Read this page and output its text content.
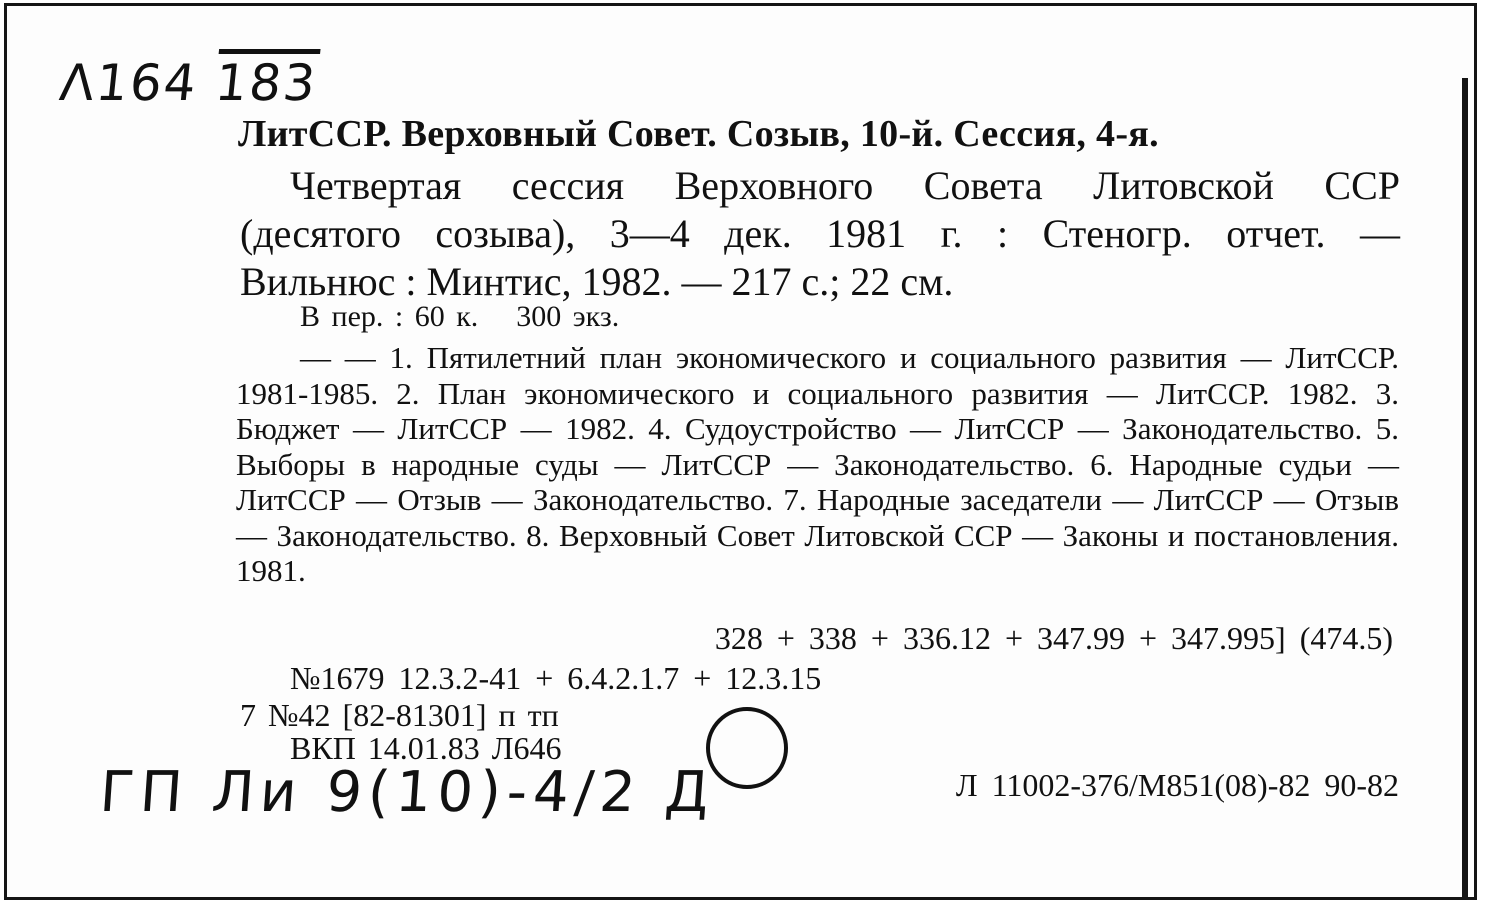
Λ164 183
ЛитССР. Верховный Совет. Созыв, 10-й. Сессия, 4-я.
Четвертая сессия Верховного Совета Литовской ССР
(десятого созыва), 3—4 дек. 1981 г. : Стеногр. отчет. —
Вильнюс : Минтис, 1982. — 217 с.; 22 см.
В пер. : 60 к. 300 экз.
— — 1. Пятилетний план экономического и социального развития — ЛитССР. 1981-1985. 2. План экономического и социального развития — ЛитССР. 1982. 3. Бюджет — ЛитССР — 1982. 4. Судоустройство — ЛитССР — Законодательство. 5. Выборы в народные суды — ЛитССР — Законодательство. 6. Народные судьи — ЛитССР — Отзыв — Законодательство. 7. Народные заседатели — ЛитССР — Отзыв — Законодательство. 8. Верховный Совет Литовской ССР — Законы и постановления. 1981.
328 + 338 + 336.12 + 347.99 + 347.995] (474.5)
№1679 12.3.2-41 + 6.4.2.1.7 + 12.3.15
7 №42 [82-81301] п тп
ВКП 14.01.83 Л646
Л 11002-376/М851(08)-82 90-82
ГП Ли 9(10)-4/2 Д
